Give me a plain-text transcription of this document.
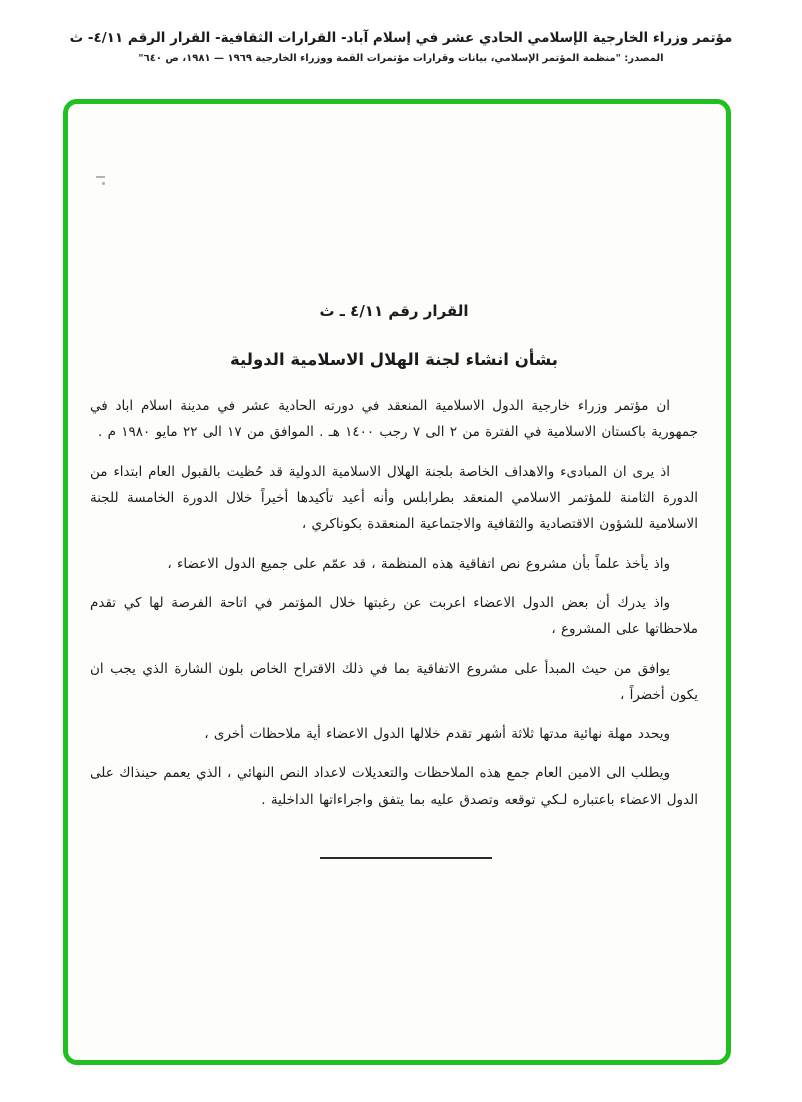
مؤتمر وزراء الخارجية الإسلامي الحادي عشر في إسلام آباد- القرارات الثقافية- القرار الرقم ٤/١١- ث
المصدر: "منظمة المؤتمر الإسلامي، بيانات وقرارات مؤتمرات القمة ووزراء الخارجية ١٩٦٩ — ١٩٨١، ص ٦٤٠"
القرار رقم ٤/١١ ـ ث
بشأن انشاء لجنة الهلال الاسلامية الدولية

ان مؤتمر وزراء خارجية الدول الاسلامية المنعقد في دورته الحادية عشر في مدينة اسلام اباد في جمهورية باكستان الاسلامية في الفترة من ٢ الى ٧ رجب ١٤٠٠ هـ . الموافق من ١٧ الى ٢٢ مايو ١٩٨٠ م .

اذ يرى ان المبادىء والاهداف الخاصة بلجنة الهلال الاسلامية الدولية قد حُظيت بالقبول العام ابتداء من الدورة الثامنة للمؤتمر الاسلامي المنعقد بطرابلس وأنه أعيد تأكيدها أخيراً خلال الدورة الخامسة للجنة الاسلامية للشؤون الاقتصادية والثقافية والاجتماعية المنعقدة بكوناكري ،

واذ يأخذ علماً بأن مشروع نص اتفاقية هذه المنظمة ، قد عمّم على جميع الدول الاعضاء ،

واذ يدرك أن بعض الدول الاعضاء اعربت عن رغبتها خلال المؤتمر في اتاحة الفرصة لها كي تقدم ملاحظاتها على المشروع ،

يوافق من حيث المبدأ على مشروع الاتفاقية بما في ذلك الاقتراح الخاص بلون الشارة الذي يجب ان يكون أخضراً ،

ويحدد مهلة نهائية مدتها ثلاثة أشهر تقدم خلالها الدول الاعضاء أية ملاحظات أخرى ،

ويطلب الى الامين العام جمع هذه الملاحظات والتعديلات لاعداد النص النهائي ، الذي يعمم حينذاك على الدول الاعضاء باعتباره لـكي توقعه وتصدق عليه بما يتفق واجراءاتها الداخلية .
